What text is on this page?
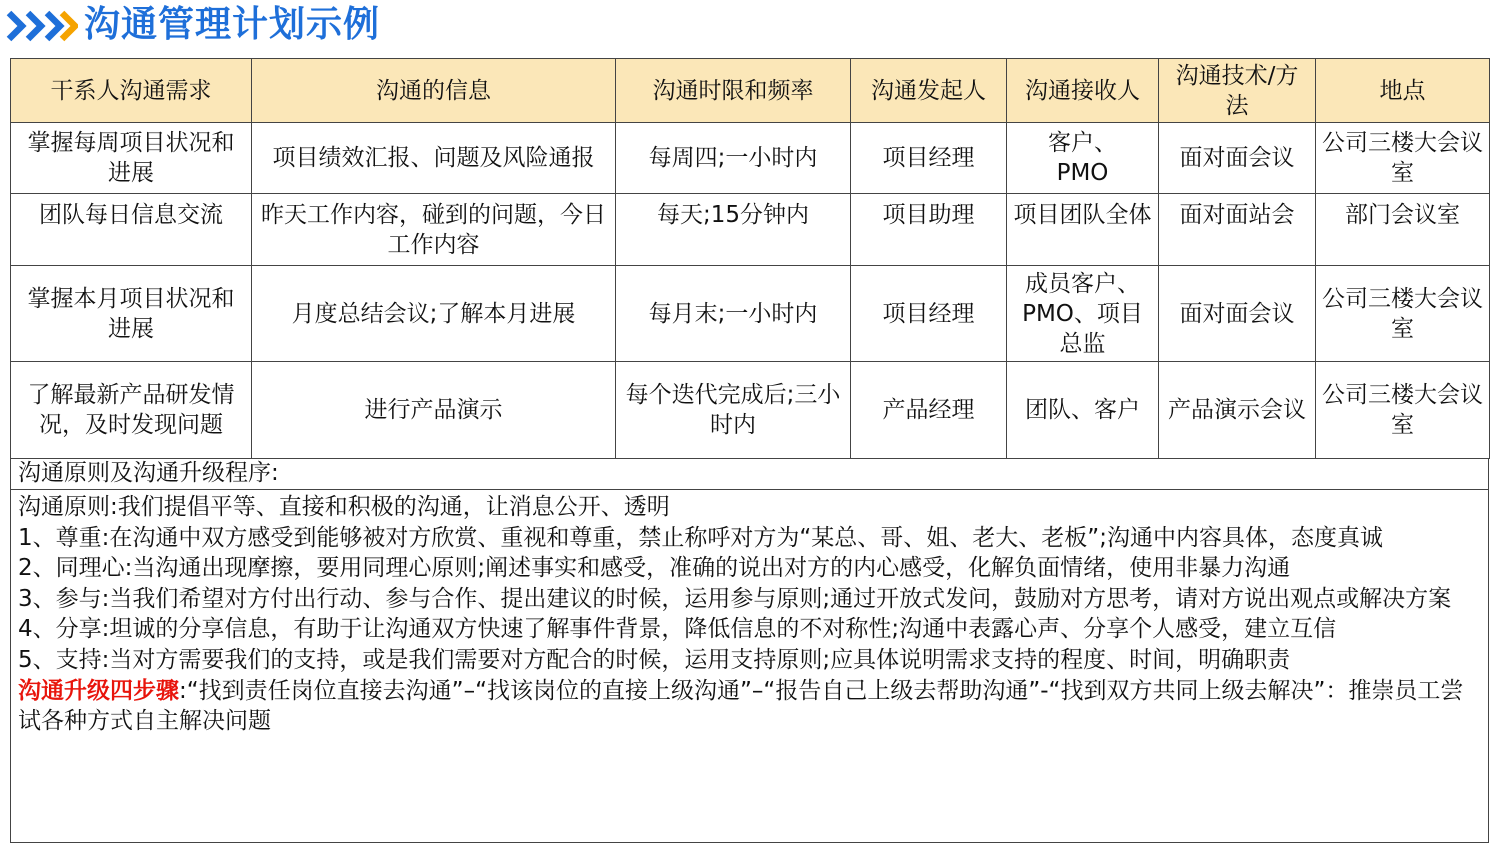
沟通管理计划示例
干系人沟通需求	沟通的信息	沟通时限和频率	沟通发起人	沟通接收人	沟通技术/方法	地点
掌握每周项目状况和进展	项目绩效汇报、问题及风险通报	每周四;一小时内	项目经理	客户、PMO	面对面会议	公司三楼大会议室
团队每日信息交流	昨天工作内容，碰到的问题，今日工作内容	每天;15分钟内	项目助理	项目团队全体	面对面站会	部门会议室
掌握本月项目状况和进展	月度总结会议;了解本月进展	每月末;一小时内	项目经理	成员客户、PMO、项目总监	面对面会议	公司三楼大会议室
了解最新产品研发情况，及时发现问题	进行产品演示	每个迭代完成后;三小时内	产品经理	团队、客户	产品演示会议	公司三楼大会议室
沟通原则及沟通升级程序:

沟通原则:我们提倡平等、直接和积极的沟通，让消息公开、透明

1、尊重:在沟通中双方感受到能够被对方欣赏、重视和尊重，禁止称呼对方为“某总、哥、姐、老大、老板”;沟通中内容具体，态度真诚

2、同理心:当沟通出现摩擦，要用同理心原则;阐述事实和感受，准确的说出对方的内心感受，化解负面情绪，使用非暴力沟通

3、参与:当我们希望对方付出行动、参与合作、提出建议的时候，运用参与原则;通过开放式发问，鼓励对方思考，请对方说出观点或解决方案

4、分享:坦诚的分享信息，有助于让沟通双方快速了解事件背景，降低信息的不对称性;沟通中表露心声、分享个人感受，建立互信

5、支持:当对方需要我们的支持，或是我们需要对方配合的时候，运用支持原则;应具体说明需求支持的程度、时间，明确职责

沟通升级四步骤:“找到责任岗位直接去沟通”–“找该岗位的直接上级沟通”–“报告自己上级去帮助沟通”-“找到双方共同上级去解决”：推崇员工尝试各种方式自主解决问题
